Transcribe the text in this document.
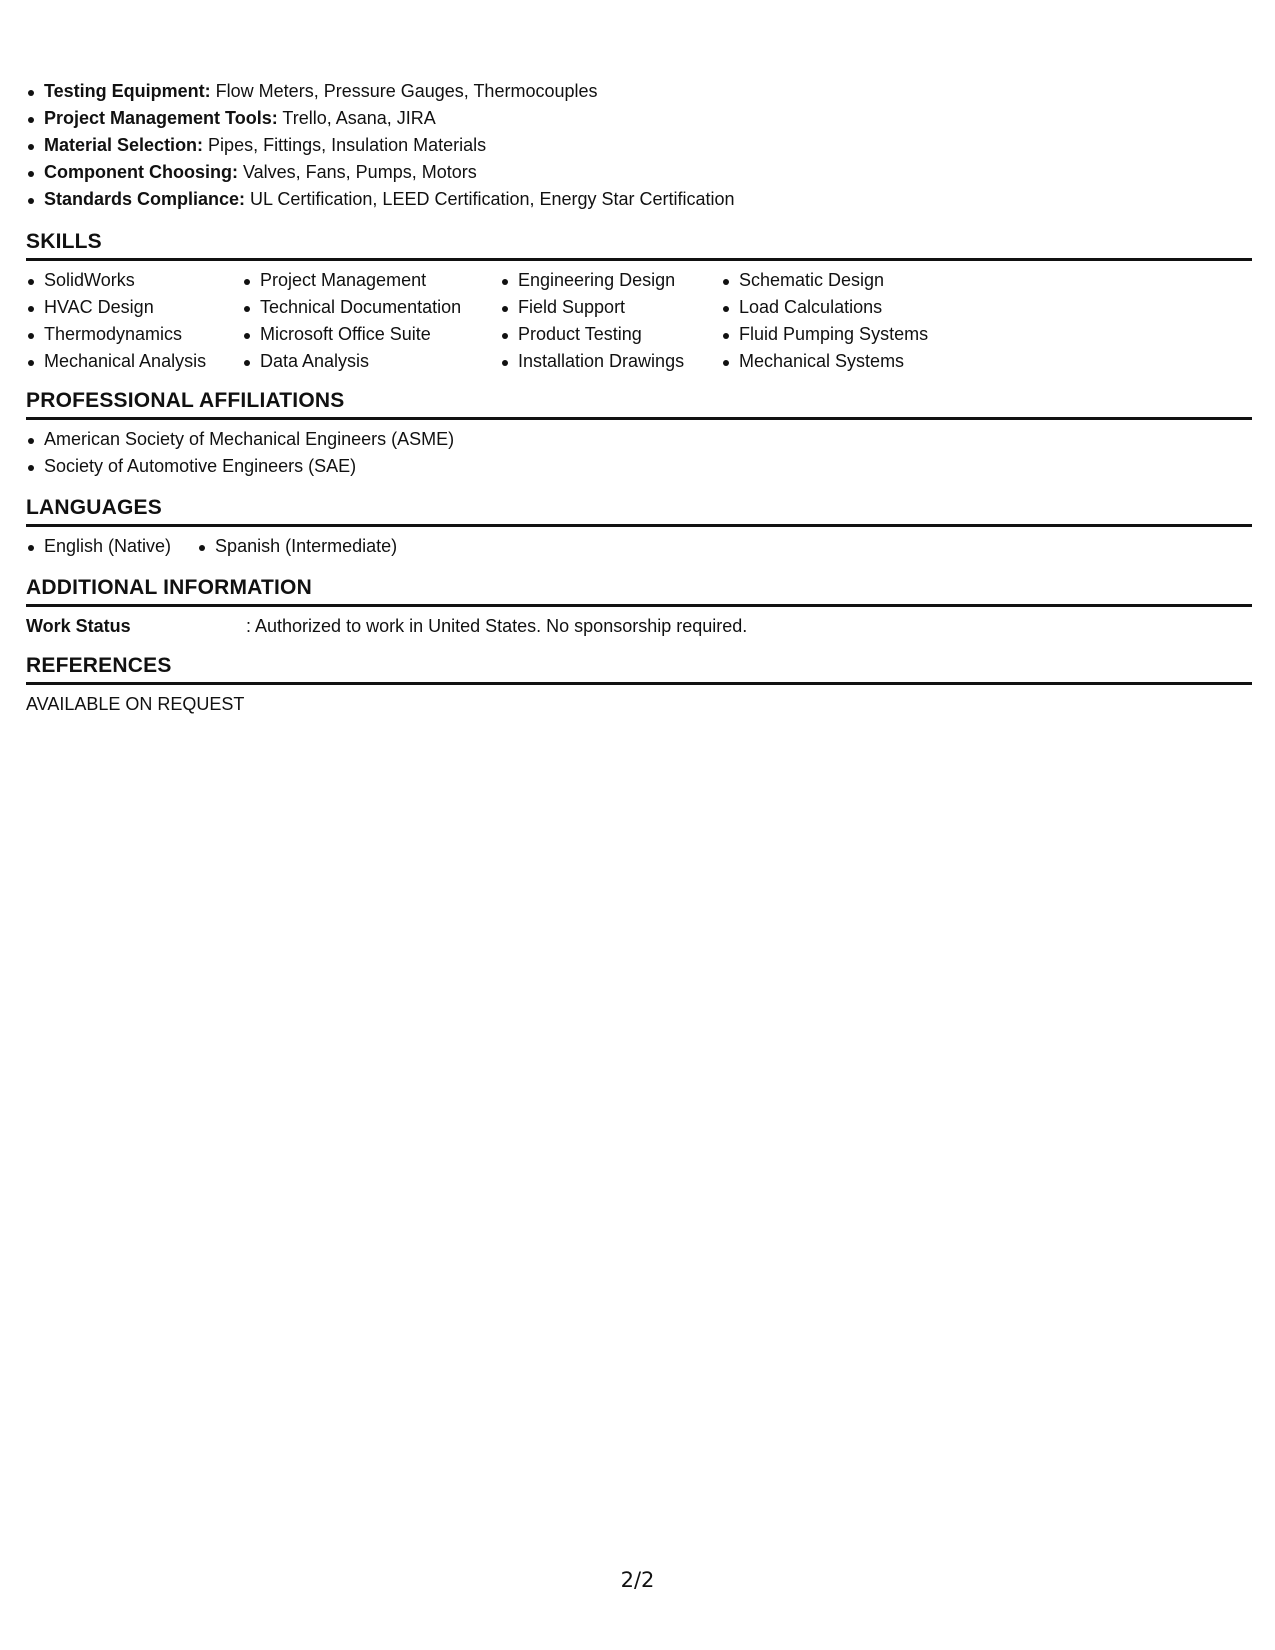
Testing Equipment: Flow Meters, Pressure Gauges, Thermocouples
Project Management Tools: Trello, Asana, JIRA
Material Selection: Pipes, Fittings, Insulation Materials
Component Choosing: Valves, Fans, Pumps, Motors
Standards Compliance: UL Certification, LEED Certification, Energy Star Certification
SKILLS
SolidWorks
HVAC Design
Thermodynamics
Mechanical Analysis
Project Management
Technical Documentation
Microsoft Office Suite
Data Analysis
Engineering Design
Field Support
Product Testing
Installation Drawings
Schematic Design
Load Calculations
Fluid Pumping Systems
Mechanical Systems
PROFESSIONAL AFFILIATIONS
American Society of Mechanical Engineers (ASME)
Society of Automotive Engineers (SAE)
LANGUAGES
English (Native)	Spanish (Intermediate)
ADDITIONAL INFORMATION
Work Status	: Authorized to work in United States. No sponsorship required.
REFERENCES
AVAILABLE ON REQUEST
2/2
